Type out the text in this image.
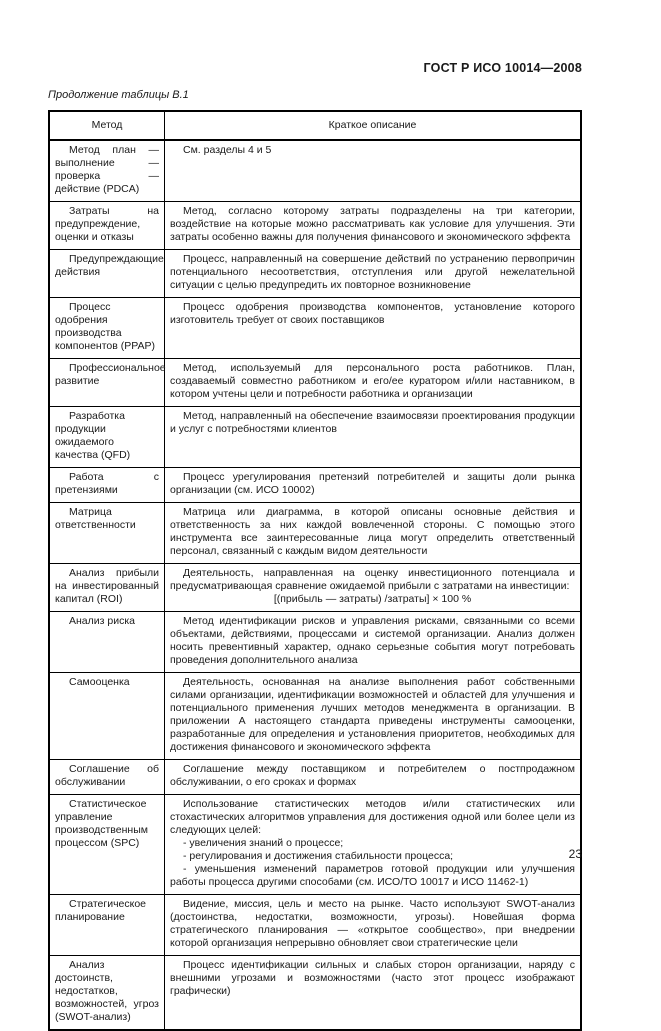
ГОСТ Р ИСО 10014—2008
Продолжение таблицы В.1
Метод	Краткое описание

Метод план — выполнение — проверка — действие (PDCA)	См. разделы 4 и 5

Затраты на предупреждение, оценки и отказы	Метод, согласно которому затраты подразделены на три категории, воздействие на которые можно рассматривать как условие для улучшения. Эти затраты особенно важны для получения финансового и экономического эффекта

Предупреждающие действия	Процесс, направленный на совершение действий по устранению первопричин потенциального несоответствия, отступления или другой нежелательной ситуации с целью предупредить их повторное возникновение

Процесс одобрения производства компонентов (PPAP)	Процесс одобрения производства компонентов, установление которого изготовитель требует от своих поставщиков

Профессиональное развитие	Метод, используемый для персонального роста работников. План, создаваемый совместно работником и его/ее куратором и/или наставником, в котором учтены цели и потребности работника и организации

Разработка продукции ожидаемого качества (QFD)	Метод, направленный на обеспечение взаимосвязи проектирования продукции и услуг с потребностями клиентов

Работа с претензиями	Процесс урегулирования претензий потребителей и защиты доли рынка организации (см. ИСО 10002)

Матрица ответственности	Матрица или диаграмма, в которой описаны основные действия и ответственность за них каждой вовлеченной стороны. С помощью этого инструмента все заинтересованные лица могут определить ответственный персонал, связанный с каждым видом деятельности

Анализ прибыли на инвестированный капитал (ROI)	Деятельность, направленная на оценку инвестиционного потенциала и предусматривающая сравнение ожидаемой прибыли с затратами на инвестиции:

[(прибыль — затраты) /затраты] × 100 %

Анализ риска	Метод идентификации рисков и управления рисками, связанными со всеми объектами, действиями, процессами и системой организации. Анализ должен носить превентивный характер, однако серьезные события могут потребовать проведения дополнительного анализа

Самооценка	Деятельность, основанная на анализе выполнения работ собственными силами организации, идентификации возможностей и областей для улучшения и потенциального применения лучших методов менеджмента в организации. В приложении А настоящего стандарта приведены инструменты самооценки, разработанные для определения и установления приоритетов, необходимых для достижения финансового и экономического эффекта

Соглашение об обслуживании	Соглашение между поставщиком и потребителем о постпродажном обслуживании, о его сроках и формах

Статистическое управление производственным процессом (SPC)	Использование статистических методов и/или статистических или стохастических алгоритмов управления для достижения одной или более цели из следующих целей:

- увеличения знаний о процессе;

- регулирования и достижения стабильности процесса;

- уменьшения изменений параметров готовой продукции или улучшения работы процесса другими способами (см. ИСО/ТО 10017 и ИСО 11462-1)

Стратегическое планирование	Видение, миссия, цель и место на рынке. Часто используют SWOT-анализ (достоинства, недостатки, возможности, угрозы). Новейшая форма стратегического планирования — «открытое сообщество», при внедрении которой организация непрерывно обновляет свои стратегические цели

Анализ достоинств, недостатков, возможностей, угроз (SWOT-анализ)	Процесс идентификации сильных и слабых сторон организации, наряду с внешними угрозами и возможностями (часто этот процесс изображают графически)

23
